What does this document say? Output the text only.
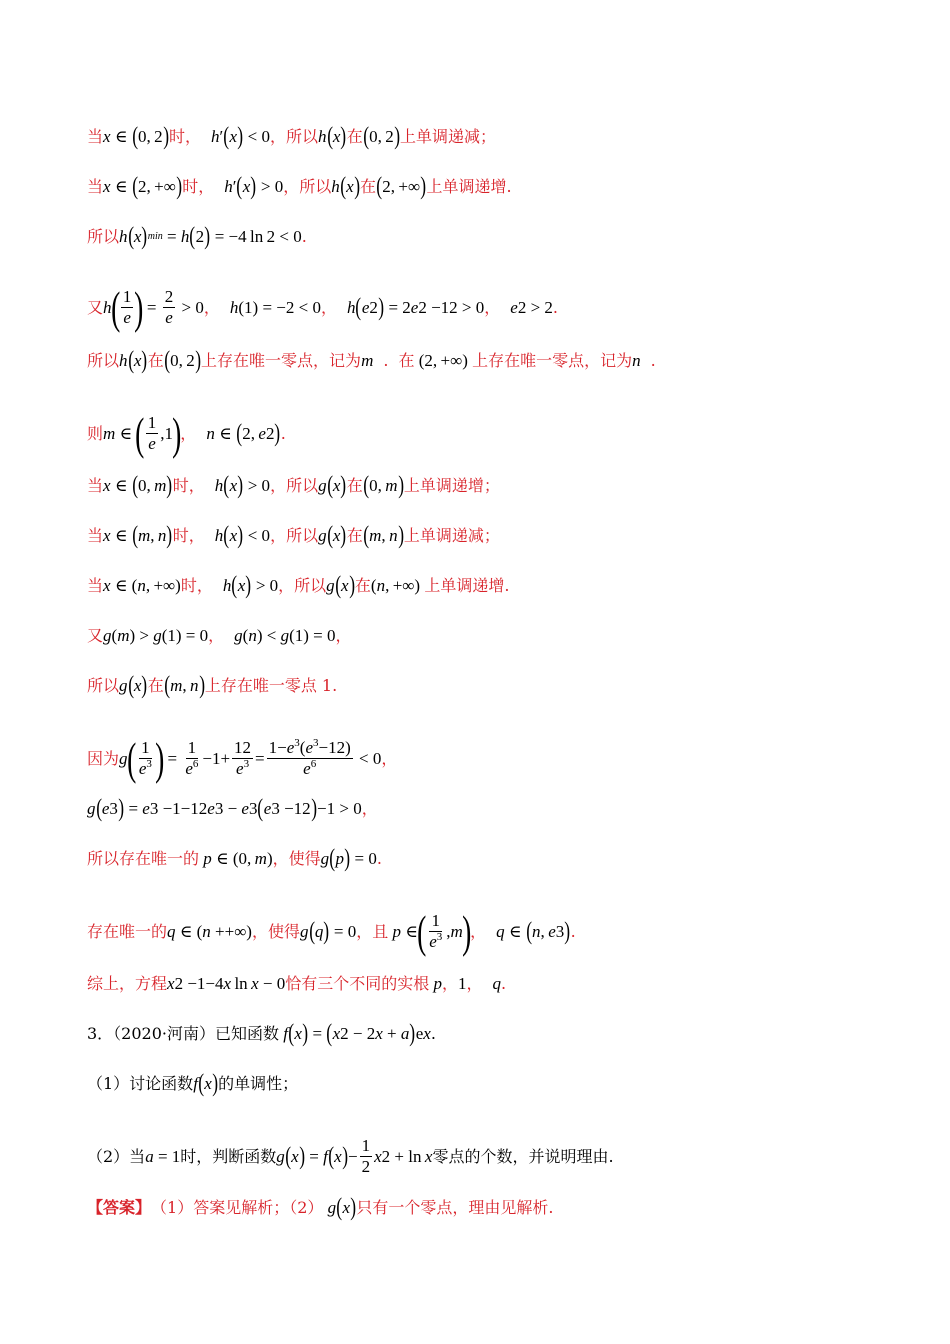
当 x ∈ ( 0, 2 ) 时， h ′ ( x ) < 0 ，所以 h ( x ) 在 ( 0, 2 ) 上单调递减；
当 x ∈ ( 2, +∞ ) 时， h ′ ( x ) > 0 ，所以 h ( x ) 在 ( 2, +∞ ) 上单调递增.
所以 h ( x ) min = h ( 2 ) = −4 ln 2 < 0 .
又 h ( $\frac{1}{e}$ ) = $\frac{2}{e} > 0$ ， h (1) = −2 < 0 ， h ( e 2 ) = 2 e 2 −12 > 0 ， e 2 > 2 .
所以 h ( x ) 在 ( 0, 2 ) 上存在唯一零点，记为 m . 在 (2, +∞) 上存在唯一零点，记为 n .
则 m ∈ ( $\frac{1}{e} ,1$ ) ， n ∈ ( 2,  e 2 ) .
当 x ∈ ( 0,  m ) 时， h ( x ) > 0 ，所以 g ( x ) 在 ( 0,  m ) 上单调递增；
当 x ∈ ( m ,  n ) 时， h ( x ) < 0 ，所以 g ( x ) 在 ( m ,  n ) 上单调递减；
当 x ∈ ( n , +∞) 时， h ( x ) > 0 ，所以 g ( x ) 在 ( n , +∞) 上单调递增.
又 g ( m ) > g (1) = 0 ， g ( n ) < g (1) = 0 ，
所以 g ( x ) 在 ( m ,  n ) 上存在唯一零点 1.
因为 g ( $\frac{1}{e^3}$ ) = $\frac{1}{e^6} -1+ \frac{12}{e^3} = \frac{1-e^3(e^3-12)}{e^6} < 0$ ，
g ( e 3 ) = e 3 −1−12 e 3 − e 3 ( e 3 −12 ) −1 > 0 ，
所以存在唯一的 p ∈ (0,  m ) ，使得 g ( p ) = 0 .
存在唯一的 q ∈ ( n ++∞) ，使得 g ( q ) = 0 ，且 p ∈ ( $\frac{1}{e^3}$ , m ) ， q ∈ ( n ,  e 3 ) .
综上，方程 x 2 −1−4 x  ln  x − 0 恰有三个不同的实根 p ， 1 ， q .
3．（2020·河南）已知函数 f ( x ) = ( x 2 − 2 x + a ) e x .
（1）讨论函数 f ( x ) 的单调性；
（2）当 a = 1 时，判断函数 g ( x ) = f ( x ) − $\frac{1}{2}$ x 2 + ln  x 零点的个数，并说明理由.
【答案】 （1）答案见解析；（2） g ( x ) 只有一个零点，理由见解析.
